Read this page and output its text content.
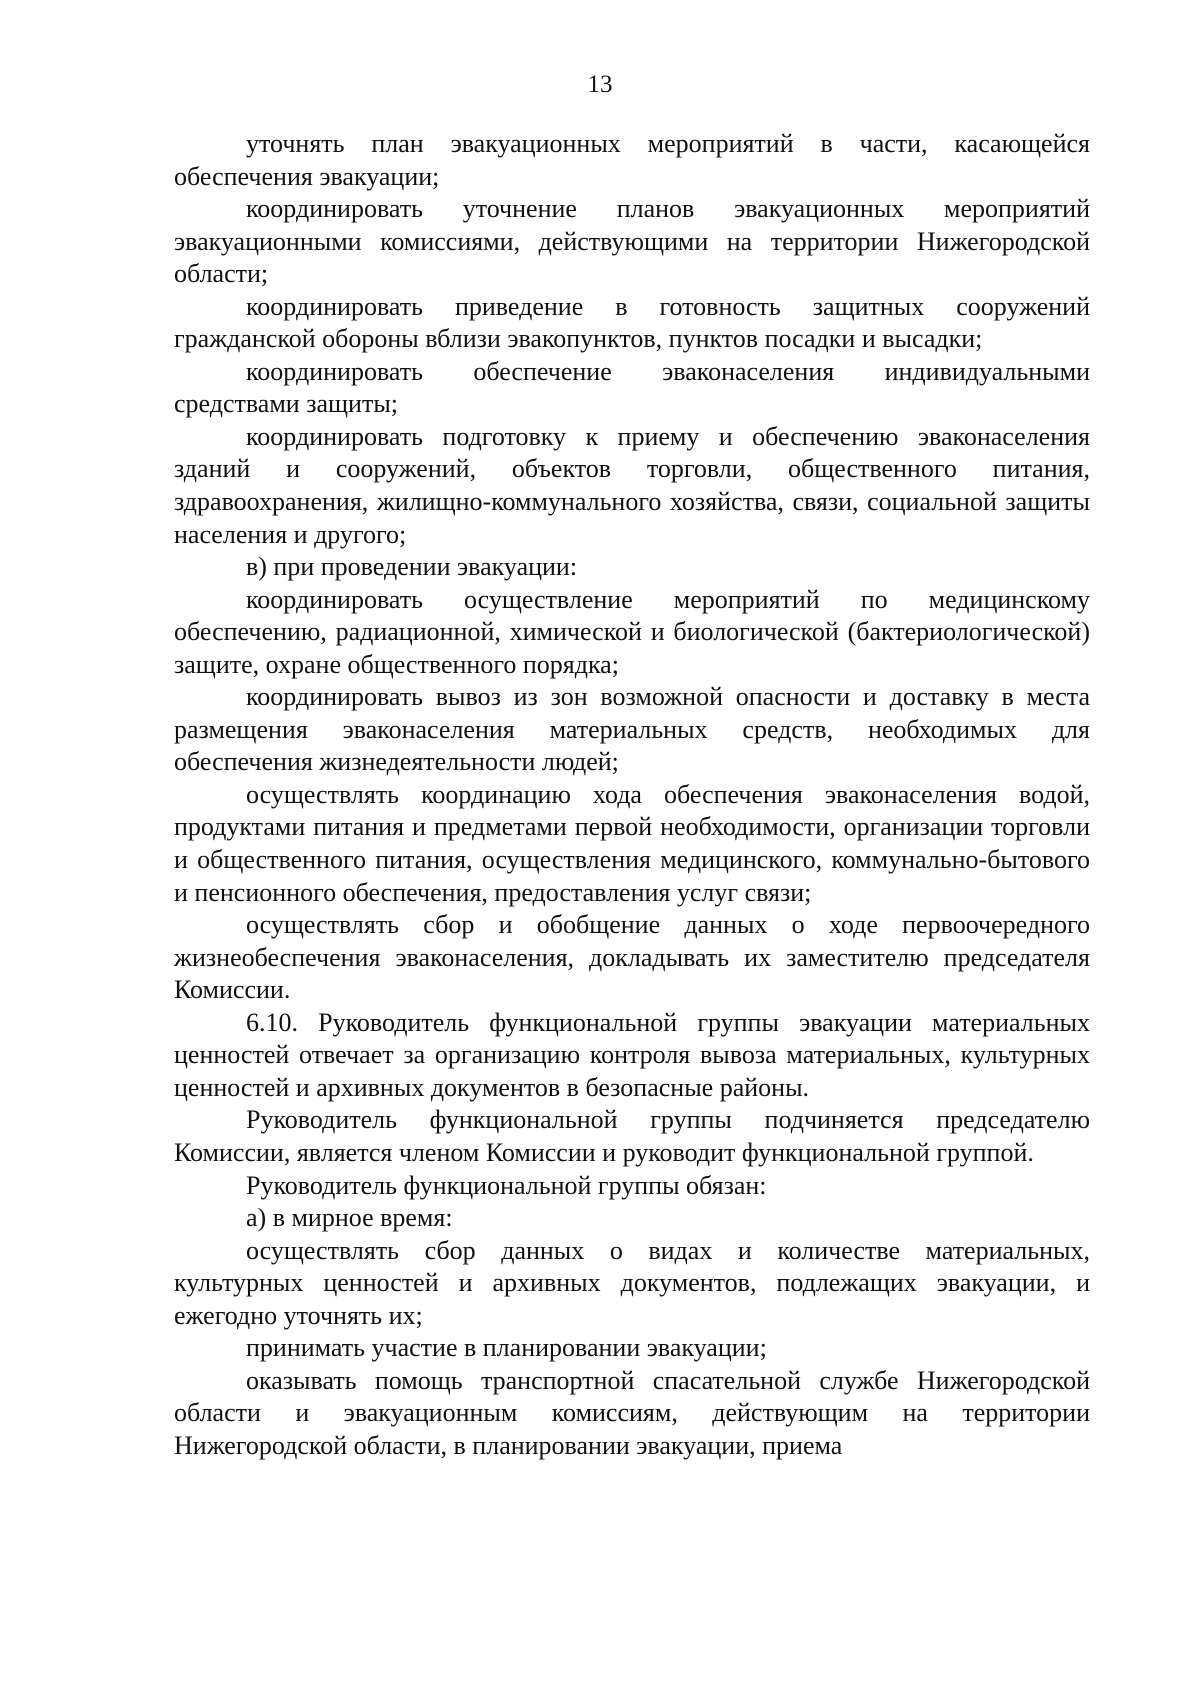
13

уточнять план эвакуационных мероприятий в части, касающейся обеспечения эвакуации;

координировать уточнение планов эвакуационных мероприятий эвакуационными комиссиями, действующими на территории Нижегородской области;

координировать приведение в готовность защитных сооружений гражданской обороны вблизи эвакопунктов, пунктов посадки и высадки;

координировать обеспечение эваконаселения индивидуальными средствами защиты;

координировать подготовку к приему и обеспечению эваконаселения зданий и сооружений, объектов торговли, общественного питания, здравоохранения, жилищно-коммунального хозяйства, связи, социальной защиты населения и другого;

в) при проведении эвакуации:

координировать осуществление мероприятий по медицинскому обеспечению, радиационной, химической и биологической (бактериологической) защите, охране общественного порядка;

координировать вывоз из зон возможной опасности и доставку в места размещения эваконаселения материальных средств, необходимых для обеспечения жизнедеятельности людей;

осуществлять координацию хода обеспечения эваконаселения водой, продуктами питания и предметами первой необходимости, организации торговли и общественного питания, осуществления медицинского, коммунально-бытового и пенсионного обеспечения, предоставления услуг связи;

осуществлять сбор и обобщение данных о ходе первоочередного жизнеобеспечения эваконаселения, докладывать их заместителю председателя Комиссии.

6.10. Руководитель функциональной группы эвакуации материальных ценностей отвечает за организацию контроля вывоза материальных, культурных ценностей и архивных документов в безопасные районы.

Руководитель функциональной группы подчиняется председателю Комиссии, является членом Комиссии и руководит функциональной группой.

Руководитель функциональной группы обязан:

а) в мирное время:

осуществлять сбор данных о видах и количестве материальных, культурных ценностей и архивных документов, подлежащих эвакуации, и ежегодно уточнять их;

принимать участие в планировании эвакуации;

оказывать помощь транспортной спасательной службе Нижегородской области и эвакуационным комиссиям, действующим на территории Нижегородской области, в планировании эвакуации, приема
